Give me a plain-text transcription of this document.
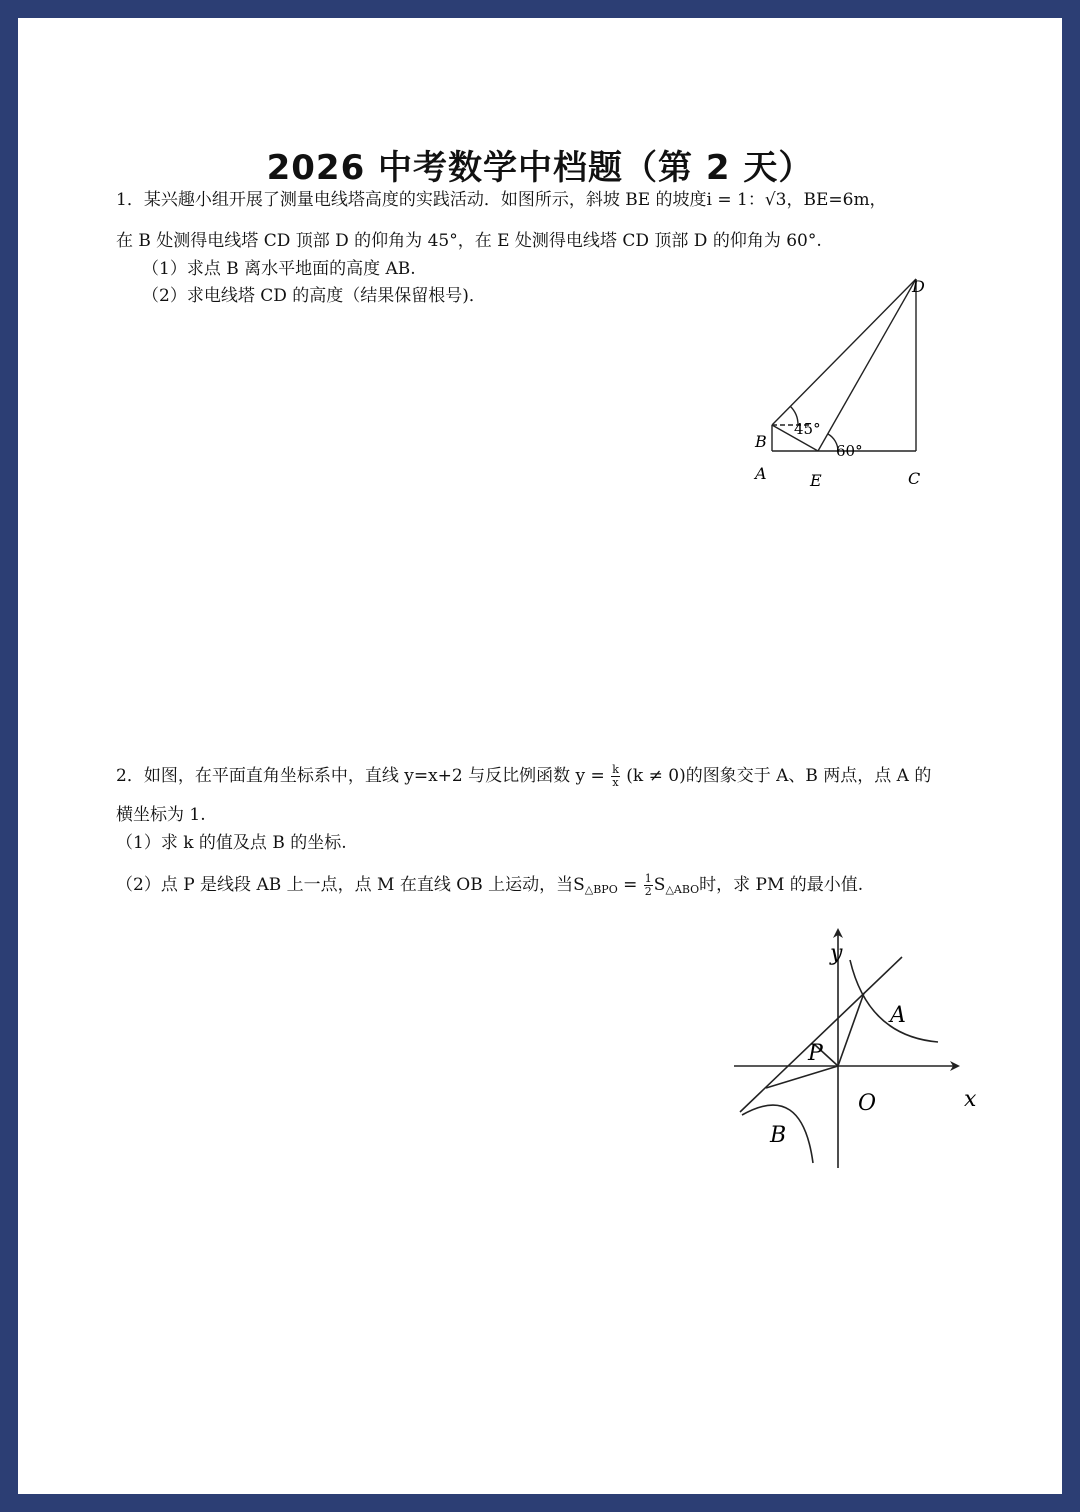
2026 中考数学中档题（第 2 天）
1．某兴趣小组开展了测量电线塔高度的实践活动．如图所示，斜坡 BE 的坡度i = 1：√3，BE=6m，
在 B 处测得电线塔 CD 顶部 D 的仰角为 45°，在 E 处测得电线塔 CD 顶部 D 的仰角为 60°.
（1）求点 B 离水平地面的高度 AB.
（2）求电线塔 CD 的高度（结果保留根号)．	D
B
A	E	C
45°
60°
2．如图，在平面直角坐标系中，直线 y=x+2 与反比例函数 $y = \frac{k}{x} (k \ne 0)$的图象交于 A、B 两点，点 A 的
横坐标为 1.
（1）求 k 的值及点 B 的坐标.
（2）点 P 是线段 AB 上一点，点 M 在直线 OB 上运动，当$S_{\triangle BPO} = \frac{1}{2} S_{\triangle ABO}$时，求 PM 的最小值.
y
x
O
A
P
B
